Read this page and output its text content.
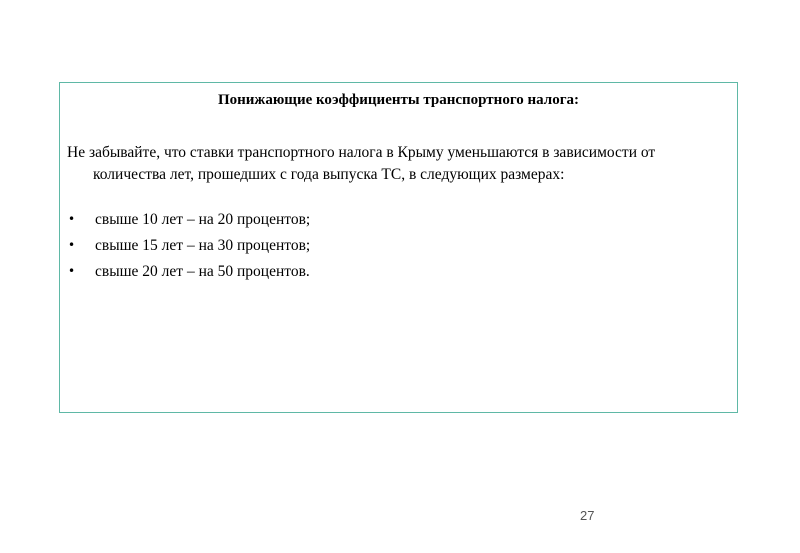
Понижающие коэффициенты транспортного налога:
Не забывайте, что ставки транспортного налога в Крыму уменьшаются в зависимости от количества лет, прошедших с года выпуска ТС, в следующих размерах:
• свыше 10 лет – на 20 процентов;
• свыше 15 лет – на 30 процентов;
• свыше 20 лет – на 50 процентов.
27
